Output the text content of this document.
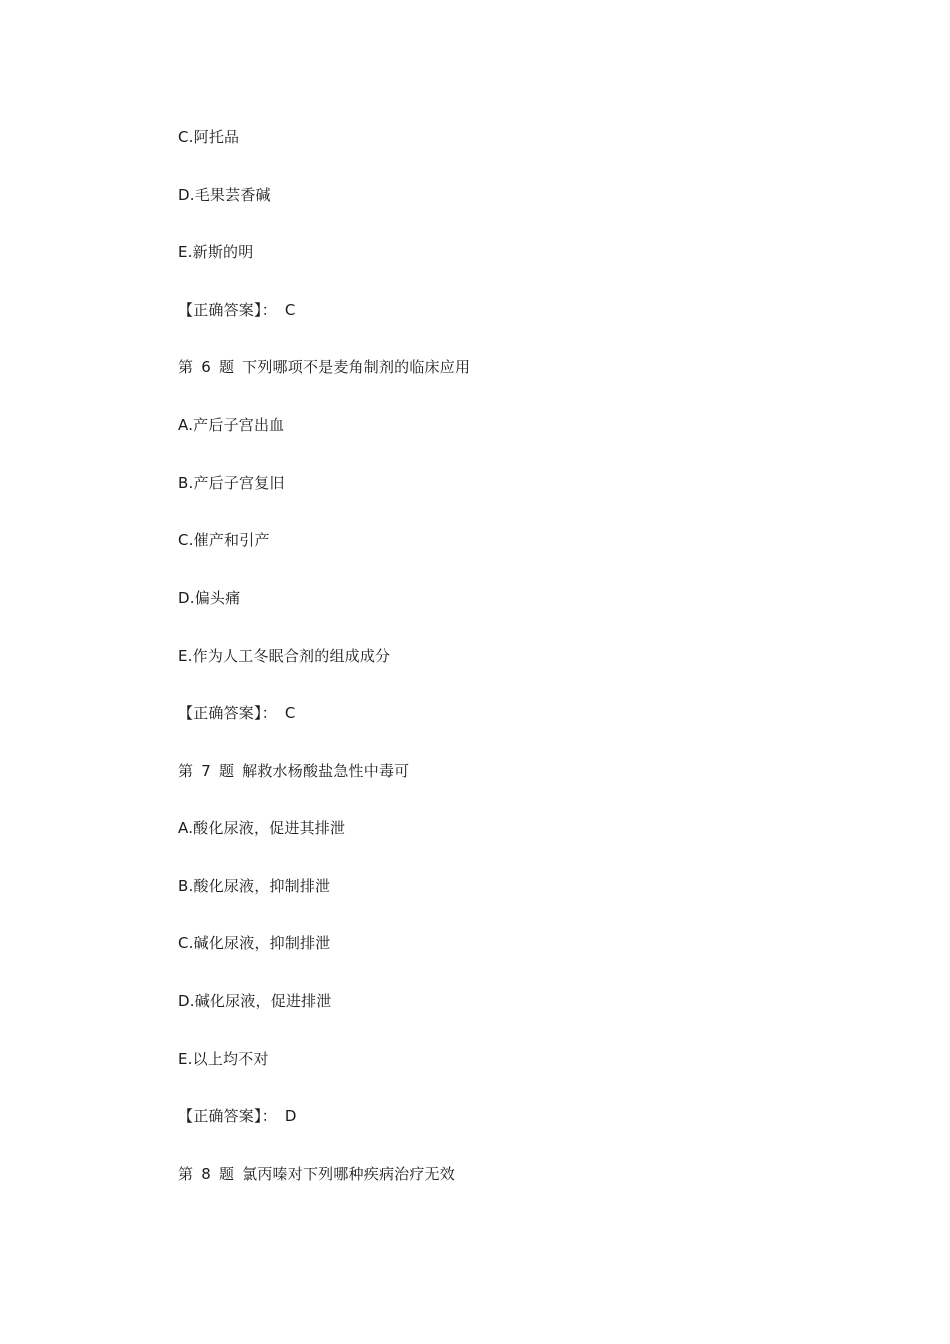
C.阿托品
D.毛果芸香碱
E.新斯的明
【正确答案】： C
第 6 题 下列哪项不是麦角制剂的临床应用
A.产后子宫出血
B.产后子宫复旧
C.催产和引产
D.偏头痛
E.作为人工冬眠合剂的组成成分
【正确答案】： C
第 7 题 解救水杨酸盐急性中毒可
A.酸化尿液，促进其排泄
B.酸化尿液，抑制排泄
C.碱化尿液，抑制排泄
D.碱化尿液，促进排泄
E.以上均不对
【正确答案】： D
第 8 题 氯丙嗪对下列哪种疾病治疗无效
